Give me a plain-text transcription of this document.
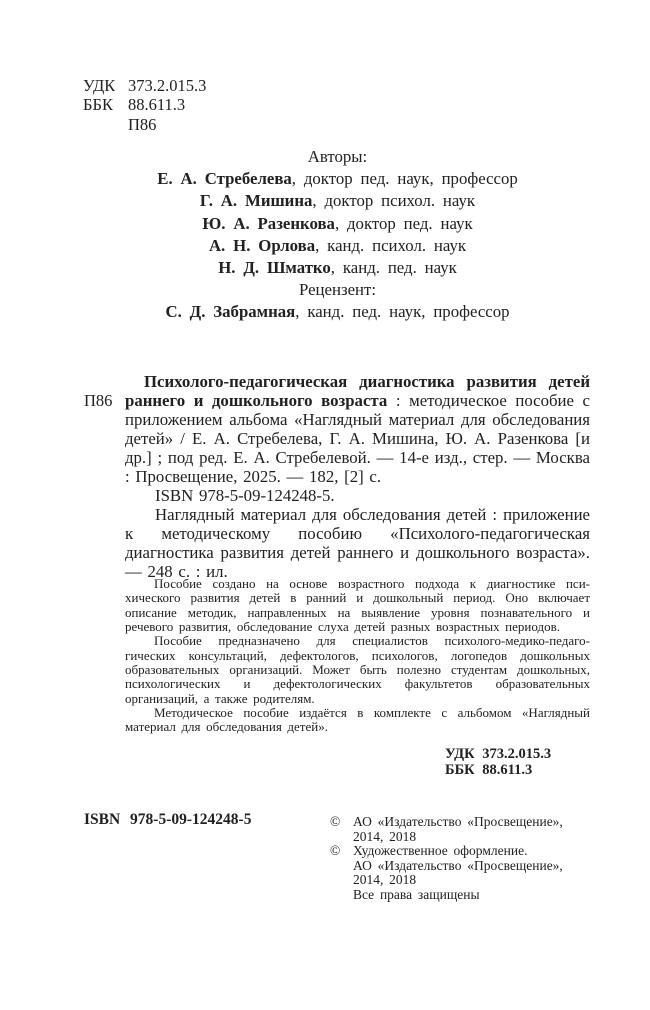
УДК 373.2.015.3
ББК 88.611.3
П86
Авторы:
Е. А. Стребелева, доктор пед. наук, профессор
Г. А. Мишина, доктор психол. наук
Ю. А. Разенкова, доктор пед. наук
А. Н. Орлова, канд. психол. наук
Н. Д. Шматко, канд. пед. наук
Рецензент:
С. Д. Забрамная, канд. пед. наук, профессор
П86

Психолого-педагогическая диагностика развития детей раннего и дошкольного возраста : методическое пособие с приложением альбома «Наглядный материал для обследования детей» / Е. А. Стребелева, Г. А. Мишина, Ю. А. Разенкова [и др.] ; под ред. Е. А. Стребелевой. — 14-е изд., стер. — Москва : Просвещение, 2025. — 182, [2] с.

ISBN 978-5-09-124248-5.

Наглядный материал для обследования детей : приложение к методическому пособию «Психолого-педагогическая диагностика развития детей раннего и дошкольного возраста». — 248 с. : ил.

Пособие создано на основе возрастного подхода к диагностике психического развития детей в ранний и дошкольный период. Оно включает описание методик, направленных на выявление уровня познавательного и речевого развития, обследование слуха детей разных возрастных периодов.

Пособие предназначено для специалистов психолого-медико-педагогических консультаций, дефектологов, психологов, логопедов дошкольных образовательных организаций. Может быть полезно студентам дошкольных, психологических и дефектологических факультетов образовательных организаций, а также родителям.

Методическое пособие издаётся в комплекте с альбомом «Наглядный материал для обследования детей».

УДК 373.2.015.3
ББК 88.611.3
ISBN 978-5-09-124248-5	© АО «Издательство «Просвещение»,
2014, 2018
© Художественное оформление.
АО «Издательство «Просвещение»,
2014, 2018
Все права защищены
